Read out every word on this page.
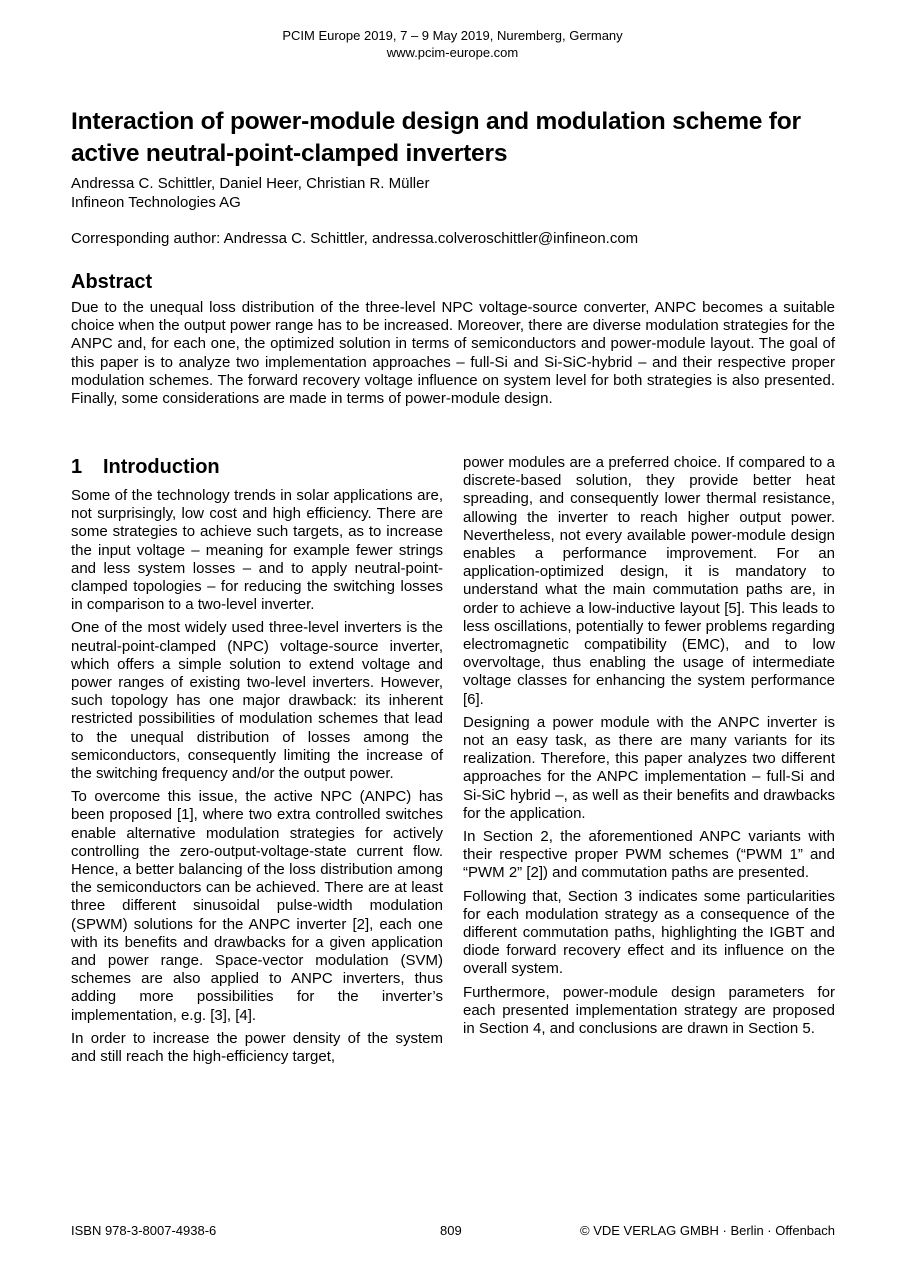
PCIM Europe 2019, 7 – 9 May 2019, Nuremberg, Germany
www.pcim-europe.com
Interaction of power-module design and modulation scheme for active neutral-point-clamped inverters
Andressa C. Schittler, Daniel Heer, Christian R. Müller
Infineon Technologies AG
Corresponding author: Andressa C. Schittler, andressa.colveroschittler@infineon.com
Abstract

Due to the unequal loss distribution of the three-level NPC voltage-source converter, ANPC becomes a suitable choice when the output power range has to be increased. Moreover, there are diverse modulation strategies for the ANPC and, for each one, the optimized solution in terms of semiconductors and power-module layout. The goal of this paper is to analyze two implementation approaches – full-Si and Si-SiC-hybrid – and their respective proper modulation schemes. The forward recovery voltage influence on system level for both strategies is also presented. Finally, some considerations are made in terms of power-module design.

1 Introduction

Some of the technology trends in solar applications are, not surprisingly, low cost and high efficiency. There are some strategies to achieve such targets, as to increase the input voltage – meaning for example fewer strings and less system losses – and to apply neutral-point-clamped topologies – for reducing the switching losses in comparison to a two-level inverter.

One of the most widely used three-level inverters is the neutral-point-clamped (NPC) voltage-source inverter, which offers a simple solution to extend voltage and power ranges of existing two-level inverters. However, such topology has one major drawback: its inherent restricted possibilities of modulation schemes that lead to the unequal distribution of losses among the semiconductors, consequently limiting the increase of the switching frequency and/or the output power.

To overcome this issue, the active NPC (ANPC) has been proposed [1], where two extra controlled switches enable alternative modulation strategies for actively controlling the zero-output-voltage-state current flow. Hence, a better balancing of the loss distribution among the semiconductors can be achieved. There are at least three different sinusoidal pulse-width modulation (SPWM) solutions for the ANPC inverter [2], each one with its benefits and drawbacks for a given application and power range. Space-vector modulation (SVM) schemes are also applied to ANPC inverters, thus adding more possibilities for the inverter’s implementation, e.g. [3], [4].

In order to increase the power density of the system and still reach the high-efficiency target,

power modules are a preferred choice. If compared to a discrete-based solution, they provide better heat spreading, and consequently lower thermal resistance, allowing the inverter to reach higher output power. Nevertheless, not every available power-module design enables a performance improvement. For an application-optimized design, it is mandatory to understand what the main commutation paths are, in order to achieve a low-inductive layout [5]. This leads to less oscillations, potentially to fewer problems regarding electromagnetic compatibility (EMC), and to low overvoltage, thus enabling the usage of intermediate voltage classes for enhancing the system performance [6].

Designing a power module with the ANPC inverter is not an easy task, as there are many variants for its realization. Therefore, this paper analyzes two different approaches for the ANPC implementation – full-Si and Si-SiC hybrid –, as well as their benefits and drawbacks for the application.

In Section 2, the aforementioned ANPC variants with their respective proper PWM schemes (“PWM 1” and “PWM 2” [2]) and commutation paths are presented.

Following that, Section 3 indicates some particularities for each modulation strategy as a consequence of the different commutation paths, highlighting the IGBT and diode forward recovery effect and its influence on the overall system.

Furthermore, power-module design parameters for each presented implementation strategy are proposed in Section 4, and conclusions are drawn in Section 5.

ISBN 978-3-8007-4938-6	809	© VDE VERLAG GMBH · Berlin · Offenbach
